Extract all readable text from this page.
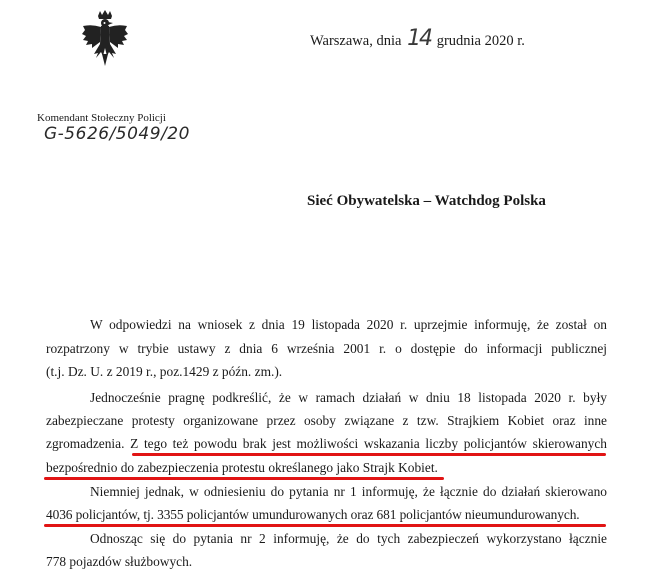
Warszawa, dnia 14 grudnia 2020 r.
Komendant Stołeczny Policji
G-5626/5049/20
Sieć Obywatelska – Watchdog Polska
W odpowiedzi na wniosek z dnia 19 listopada 2020 r. uprzejmie informuję, że został on
rozpatrzony w trybie ustawy z dnia 6 września 2001 r. o dostępie do informacji publicznej
(t.j. Dz. U. z 2019 r., poz.1429 z późn. zm.).
Jednocześnie pragnę podkreślić, że w ramach działań w dniu 18 listopada 2020 r. były
zabezpieczane protesty organizowane przez osoby związane z tzw. Strajkiem Kobiet oraz inne
zgromadzenia. Z tego też powodu brak jest możliwości wskazania liczby policjantów skierowanych
bezpośrednio do zabezpieczenia protestu określanego jako Strajk Kobiet.
Niemniej jednak, w odniesieniu do pytania nr 1 informuję, że łącznie do działań skierowano
4036 policjantów, tj. 3355 policjantów umundurowanych oraz 681 policjantów nieumundurowanych.
Odnosząc się do pytania nr 2 informuję, że do tych zabezpieczeń wykorzystano łącznie
778 pojazdów służbowych.
